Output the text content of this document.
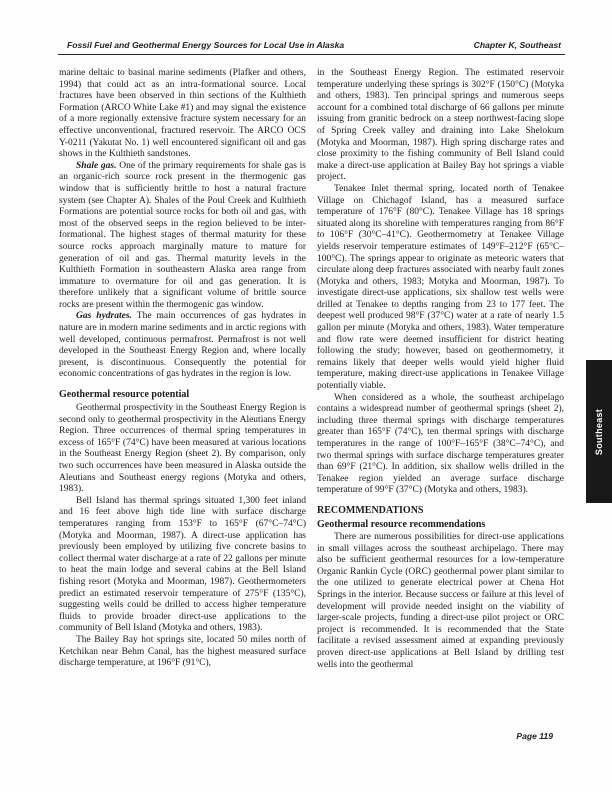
Fossil Fuel and Geothermal Energy Sources for Local Use in Alaska	Chapter K, Southeast

marine deltaic to basinal marine sediments (Plafker and others, 1994) that could act as an intra-formational source. Local fractures have been observed in thin sections of the Kulthieth Formation (ARCO White Lake #1) and may signal the existence of a more regionally extensive fracture system necessary for an effective unconventional, fractured reservoir. The ARCO OCS Y-0211 (Yakutat No. 1) well encountered significant oil and gas shows in the Kulthieth sandstones.

Shale gas. One of the primary requirements for shale gas is an organic-rich source rock present in the thermogenic gas window that is sufficiently brittle to host a natural fracture system (see Chapter A). Shales of the Poul Creek and Kulthieth Formations are potential source rocks for both oil and gas, with most of the observed seeps in the region believed to be inter-formational. The highest stages of thermal maturity for these source rocks approach marginally mature to mature for generation of oil and gas. Thermal maturity levels in the Kulthieth Formation in southeastern Alaska area range from immature to overmature for oil and gas generation. It is therefore unlikely that a significant volume of brittle source rocks are present within the thermogenic gas window.

Gas hydrates. The main occurrences of gas hydrates in nature are in modern marine sediments and in arctic regions with well developed, continuous permafrost. Permafrost is not well developed in the Southeast Energy Region and, where locally present, is discontinuous. Consequently the potential for economic concentrations of gas hydrates in the region is low.

Geothermal resource potential

Geothermal prospectivity in the Southeast Energy Region is second only to geothermal prospectivity in the Aleutians Energy Region. Three occurrences of thermal spring temperatures in excess of 165°F (74°C) have been measured at various locations in the Southeast Energy Region (sheet 2). By comparison, only two such occurrences have been measured in Alaska outside the Aleutians and Southeast energy regions (Motyka and others, 1983).

Bell Island has thermal springs situated 1,300 feet inland and 16 feet above high tide line with surface discharge temperatures ranging from 153°F to 165°F (67°C–74°C) (Motyka and Moorman, 1987). A direct-use application has previously been employed by utilizing five concrete basins to collect thermal water discharge at a rate of 22 gallons per minute to heat the main lodge and several cabins at the Bell Island fishing resort (Motyka and Moorman, 1987). Geothermometers predict an estimated reservoir temperature of 275°F (135°C), suggesting wells could be drilled to access higher temperature fluids to provide broader direct-use applications to the community of Bell Island (Motyka and others, 1983).

The Bailey Bay hot springs site, located 50 miles north of Ketchikan near Behm Canal, has the highest measured surface discharge temperature, at 196°F (91°C),

in the Southeast Energy Region. The estimated reservoir temperature underlying these springs is 302°F (150°C) (Motyka and others, 1983). Ten principal springs and numerous seeps account for a combined total discharge of 66 gallons per minute issuing from granitic bedrock on a steep northwest-facing slope of Spring Creek valley and draining into Lake Shelokum (Motyka and Moorman, 1987). High spring discharge rates and close proximity to the fishing community of Bell Island could make a direct-use application at Bailey Bay hot springs a viable project.

Tenakee Inlet thermal spring, located north of Tenakee Village on Chichagof Island, has a measured surface temperature of 176°F (80°C). Tenakee Village has 18 springs situated along its shoreline with temperatures ranging from 86°F to 106°F (30°C–41°C). Geothermometry at Tenakee Village yields reservoir temperature estimates of 149°F–212°F (65°C–100°C). The springs appear to originate as meteoric waters that circulate along deep fractures associated with nearby fault zones (Motyka and others, 1983; Motyka and Moorman, 1987). To investigate direct-use applications, six shallow test wells were drilled at Tenakee to depths ranging from 23 to 177 feet. The deepest well produced 98°F (37°C) water at a rate of nearly 1.5 gallon per minute (Motyka and others, 1983). Water temperature and flow rate were deemed insufficient for district heating following the study; however, based on geothermometry, it remains likely that deeper wells would yield higher fluid temperature, making direct-use applications in Tenakee Village potentially viable.

When considered as a whole, the southeast archipelago contains a widespread number of geothermal springs (sheet 2), including three thermal springs with discharge temperatures greater than 165°F (74°C), ten thermal springs with discharge temperatures in the range of 100°F–165°F (38°C–74°C), and two thermal springs with surface discharge temperatures greater than 69°F (21°C). In addition, six shallow wells drilled in the Tenakee region yielded an average surface discharge temperature of 99°F (37°C) (Motyka and others, 1983).

RECOMMENDATIONS
Geothermal resource recommendations

There are numerous possibilities for direct-use applications in small villages across the southeast archipelago. There may also be sufficient geothermal resources for a low-temperature Organic Rankin Cycle (ORC) geothermal power plant similar to the one utilized to generate electrical power at Chena Hot Springs in the interior. Because success or failure at this level of development will provide needed insight on the viability of larger-scale projects, funding a direct-use pilot project or ORC project is recommended. It is recommended that the State facilitate a revised assessment aimed at expanding previously proven direct-use applications at Bell Island by drilling test wells into the geothermal

Southeast
Page 119
